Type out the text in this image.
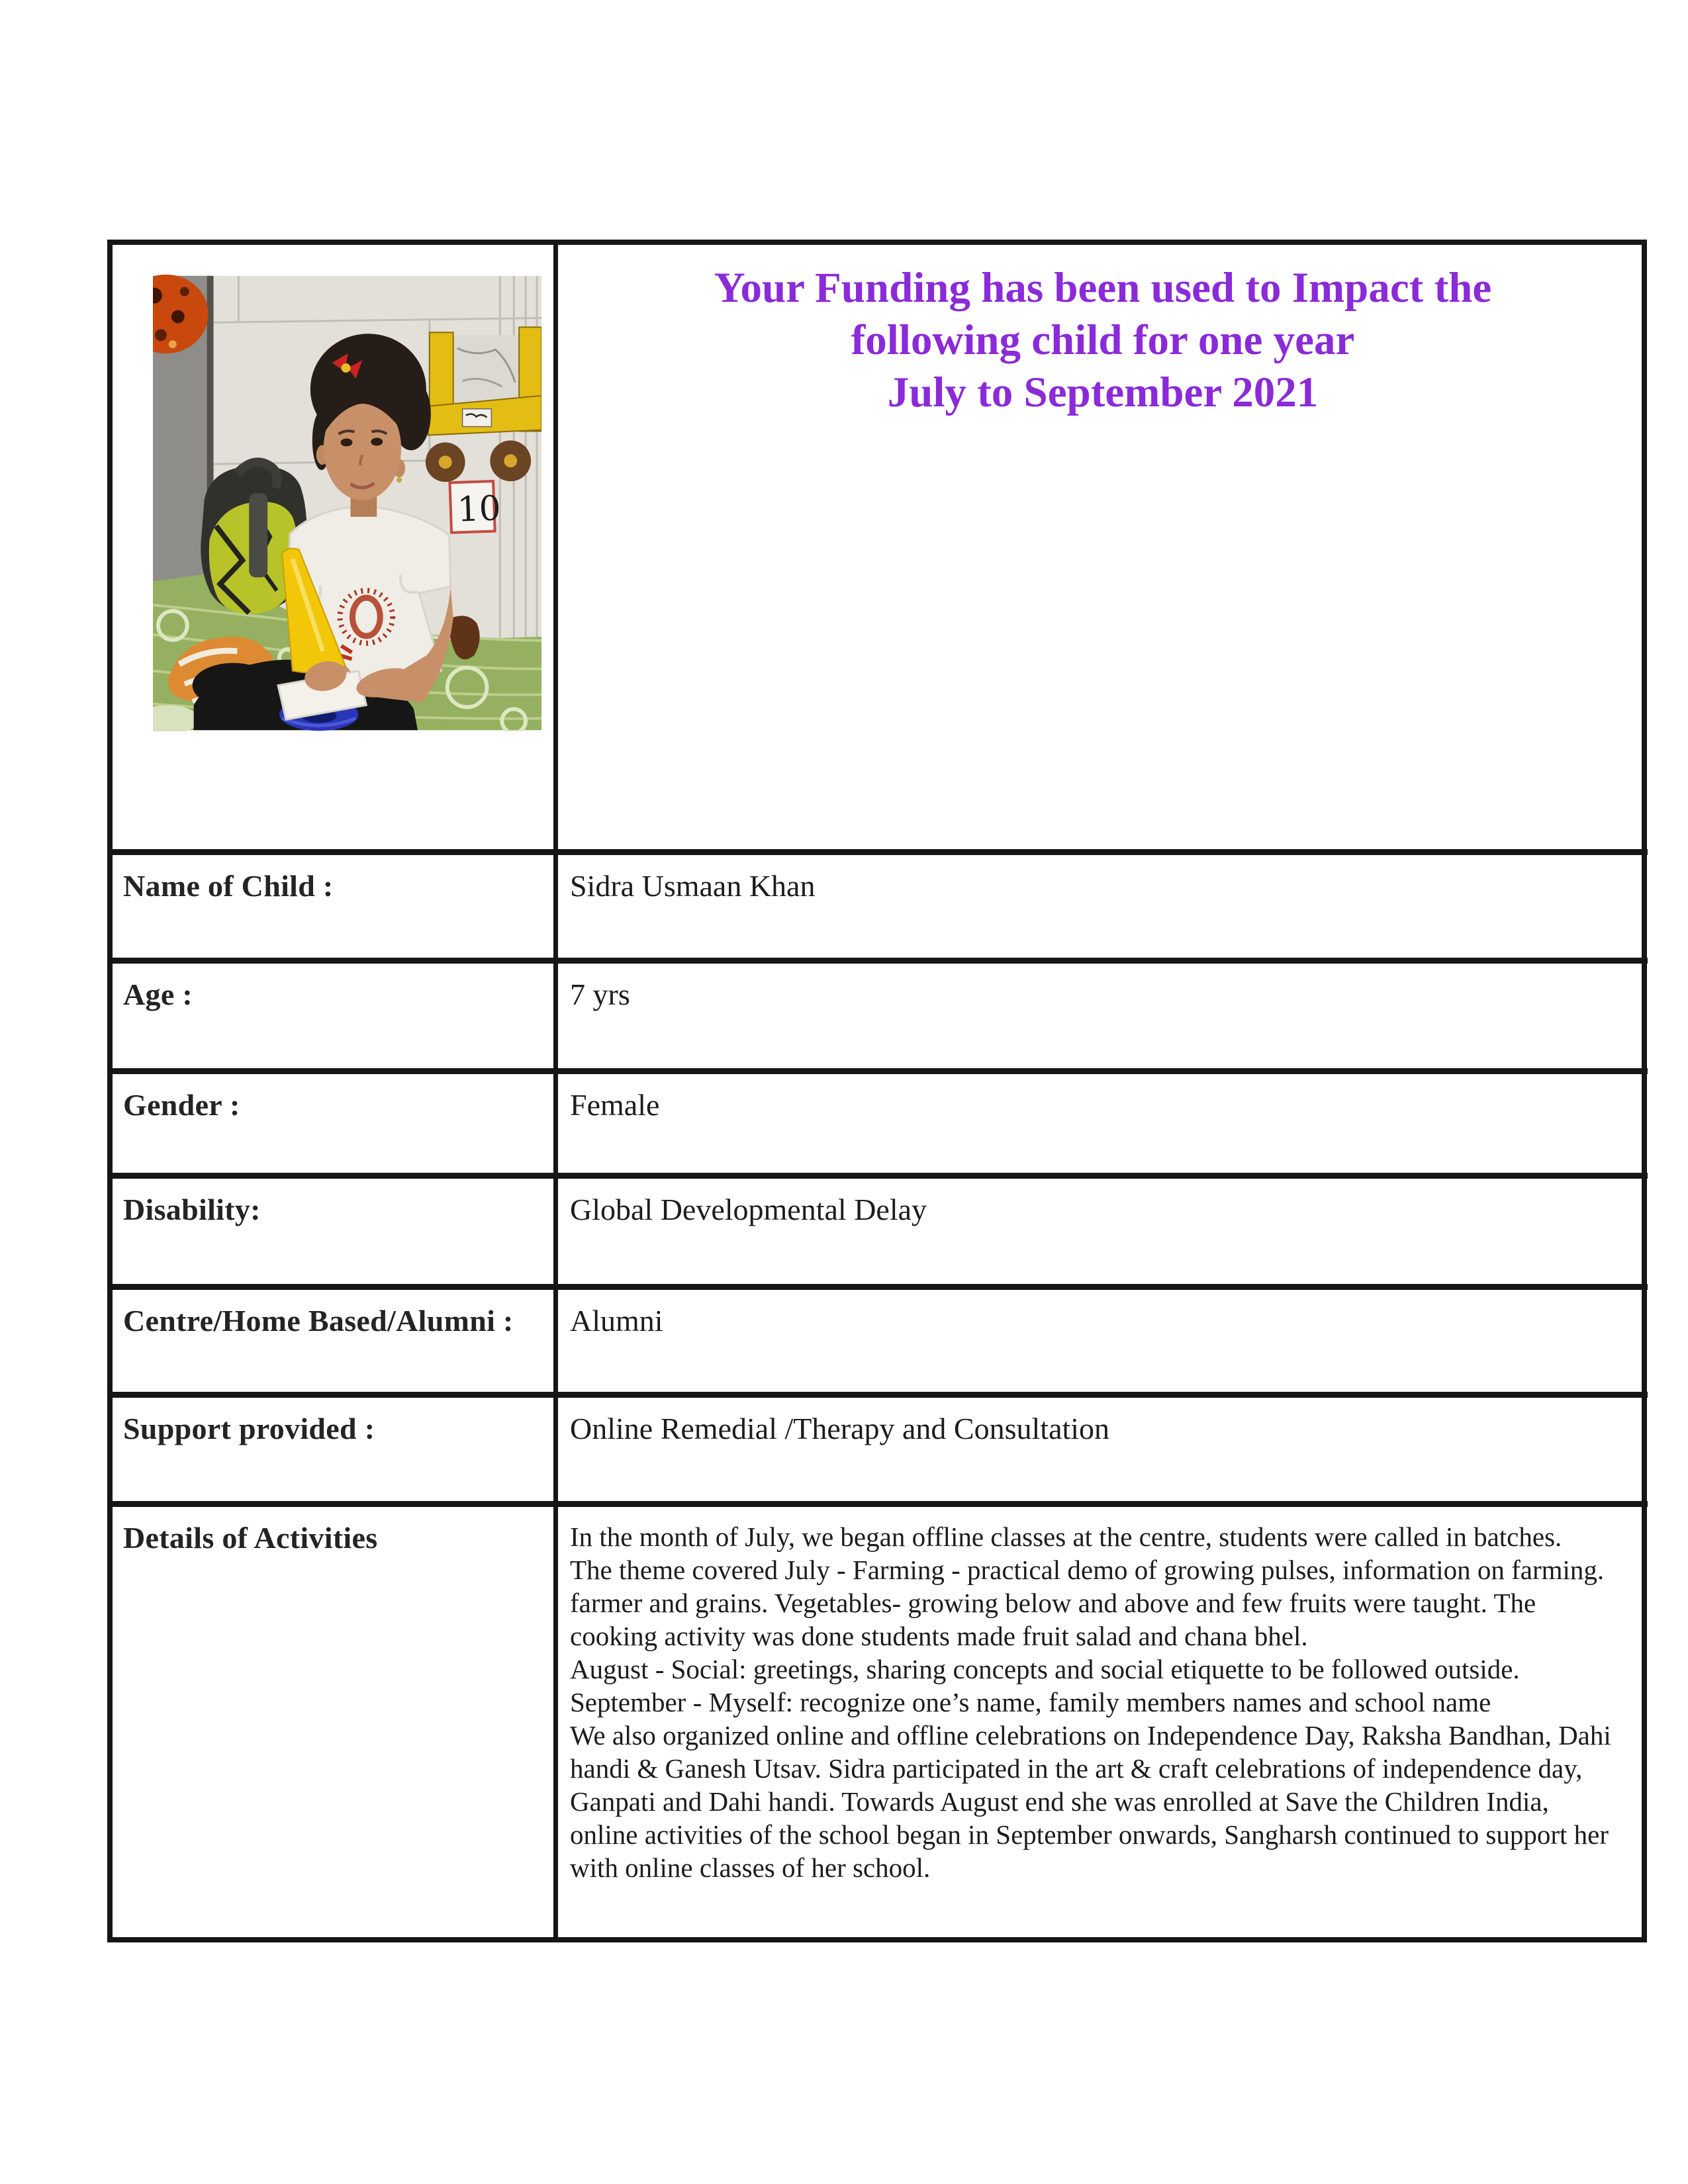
10
Your Funding has been used to Impact the
following child for one year
July to September 2021
Name of Child :	Sidra Usmaan Khan
Age :	7 yrs
Gender :	Female
Disability:	Global Developmental Delay
Centre/Home Based/Alumni :	Alumni
Support provided :	Online Remedial /Therapy and Consultation
Details of Activities	In the month of July, we began offline classes at the centre, students were called in batches.

The theme covered July - Farming - practical demo of growing pulses, information on farming. farmer and grains. Vegetables- growing below and above and few fruits were taught. The cooking activity was done students made fruit salad and chana bhel.

August - Social: greetings, sharing concepts and social etiquette to be followed outside.

September - Myself: recognize one’s name, family members names and school name

We also organized online and offline celebrations on Independence Day, Raksha Bandhan, Dahi handi & Ganesh Utsav. Sidra participated in the art & craft celebrations of independence day, Ganpati and Dahi handi. Towards August end she was enrolled at Save the Children India, online activities of the school began in September onwards, Sangharsh continued to support her with online classes of her school.
